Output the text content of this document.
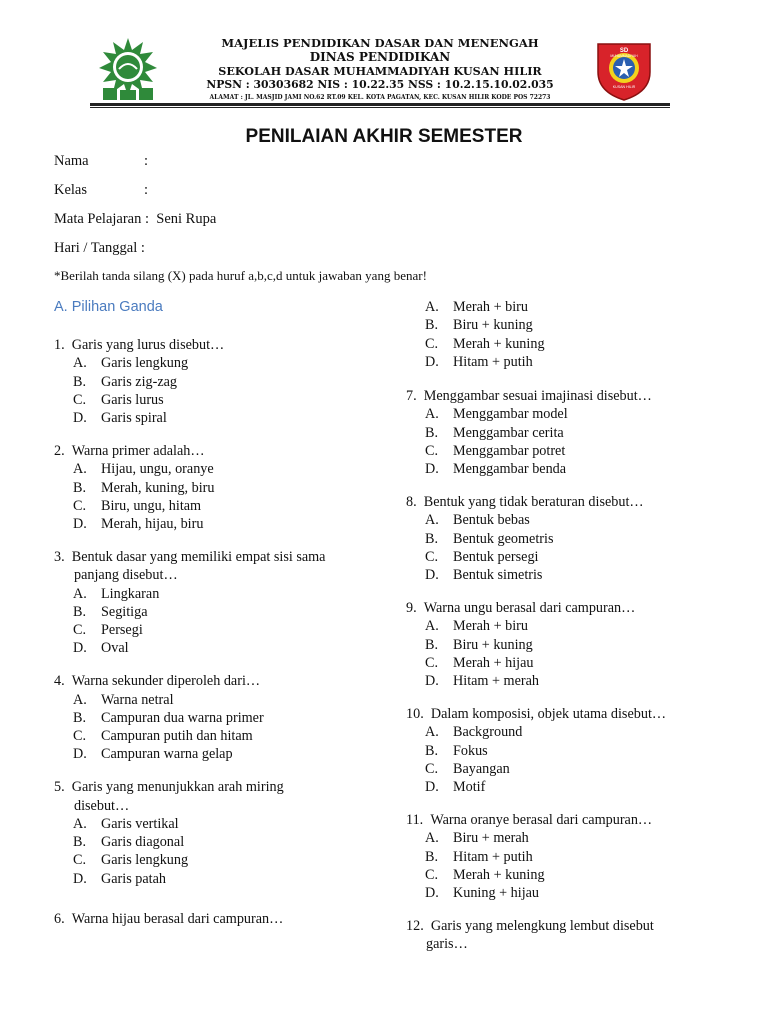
MAJELIS PENDIDIKAN DASAR DAN MENENGAH
DINAS PENDIDIKAN
SEKOLAH DASAR MUHAMMADIYAH KUSAN HILIR
NPSN : 30303682 NIS : 10.22.35 NSS : 10.2.15.10.02.035
ALAMAT : JL. MASJID JAMI NO.62 RT.09 KEL. KOTA PAGATAN, KEC. KUSAN HILIR KODE POS 72273
SD
MUHAMMADIYAH
KUSAN HILIR
PENILAIAN AKHIR SEMESTER
Nama	:
Kelas	:
Mata Pelajaran : Seni Rupa
Hari / Tanggal :
*Berilah tanda silang (X) pada huruf a,b,c,d untuk jawaban yang benar!
A. Pilihan Ganda
1. Garis yang lurus disebut…
A. Garis lengkung
B. Garis zig-zag
C. Garis lurus
D. Garis spiral
2. Warna primer adalah…
A. Hijau, ungu, oranye
B. Merah, kuning, biru
C. Biru, ungu, hitam
D. Merah, hijau, biru
3. Bentuk dasar yang memiliki empat sisi sama
panjang disebut…
A. Lingkaran
B. Segitiga
C. Persegi
D. Oval
4. Warna sekunder diperoleh dari…
A. Warna netral
B. Campuran dua warna primer
C. Campuran putih dan hitam
D. Campuran warna gelap
5. Garis yang menunjukkan arah miring
disebut…
A. Garis vertikal
B. Garis diagonal
C. Garis lengkung
D. Garis patah
6. Warna hijau berasal dari campuran…
A. Merah + biru
B. Biru + kuning
C. Merah + kuning
D. Hitam + putih
7. Menggambar sesuai imajinasi disebut…
A. Menggambar model
B. Menggambar cerita
C. Menggambar potret
D. Menggambar benda
8. Bentuk yang tidak beraturan disebut…
A. Bentuk bebas
B. Bentuk geometris
C. Bentuk persegi
D. Bentuk simetris
9. Warna ungu berasal dari campuran…
A. Merah + biru
B. Biru + kuning
C. Merah + hijau
D. Hitam + merah
10. Dalam komposisi, objek utama disebut…
A. Background
B. Fokus
C. Bayangan
D. Motif
11. Warna oranye berasal dari campuran…
A. Biru + merah
B. Hitam + putih
C. Merah + kuning
D. Kuning + hijau
12. Garis yang melengkung lembut disebut
garis…
